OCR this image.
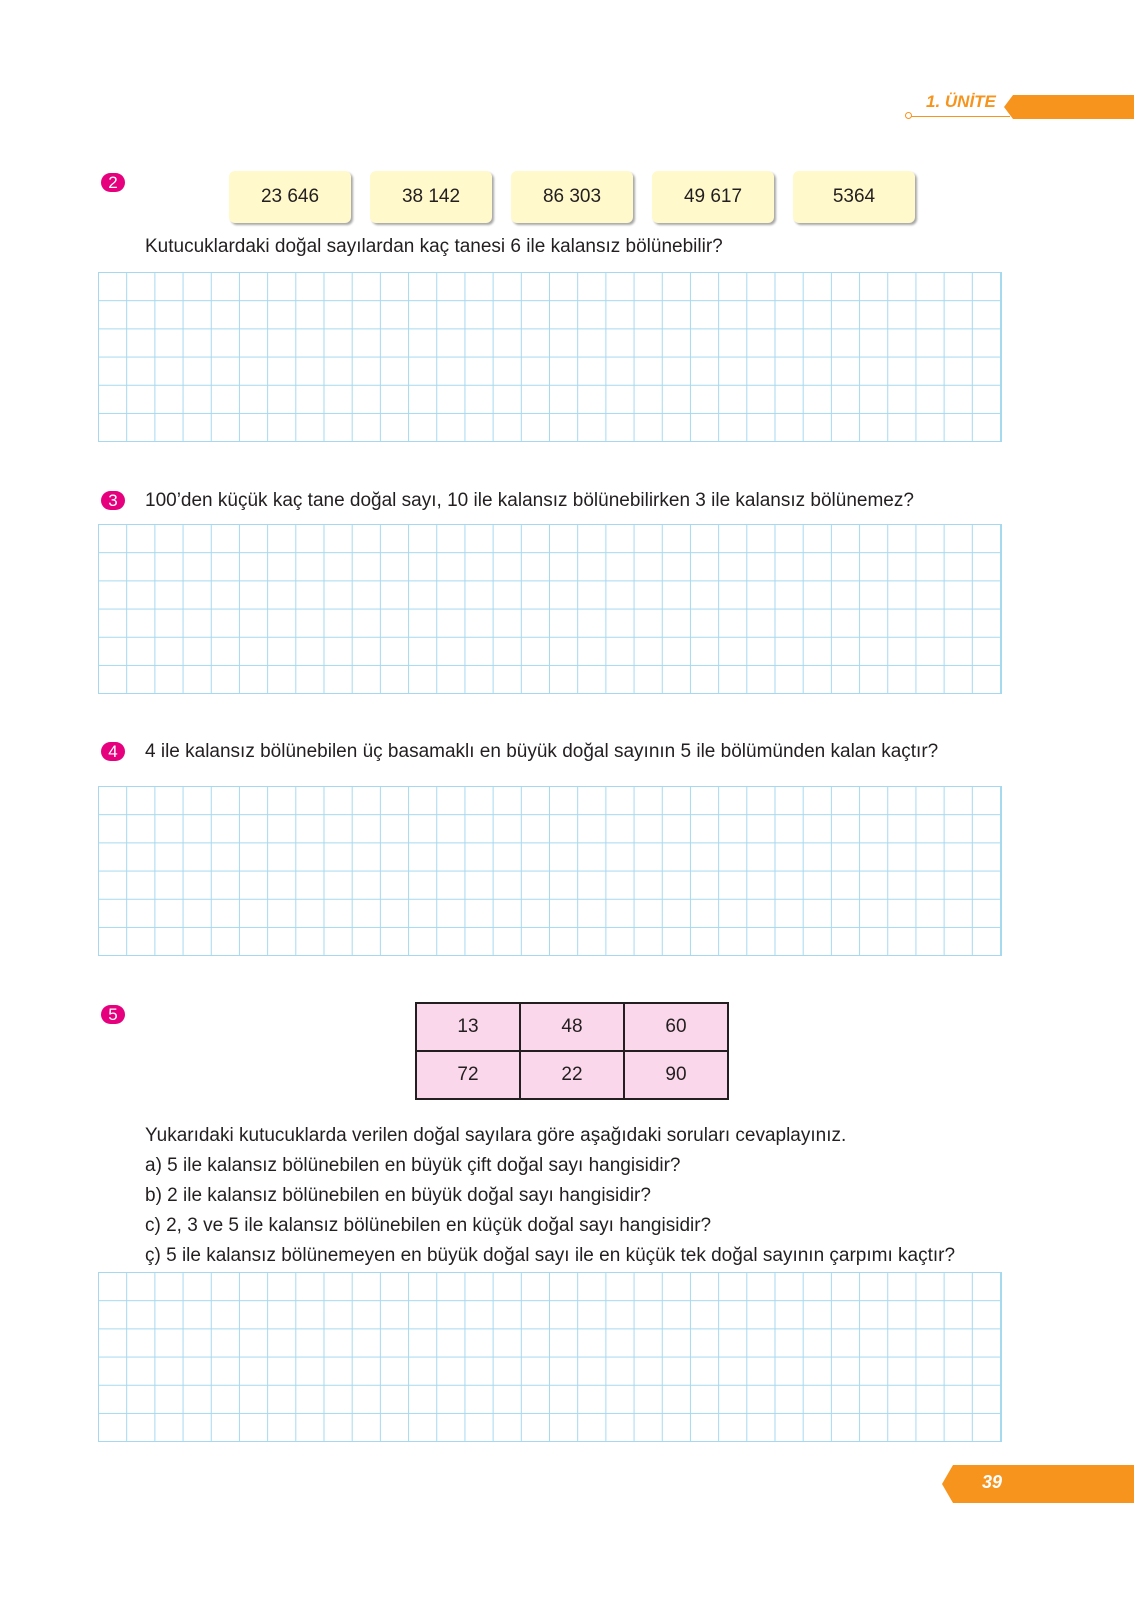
1. ÜNİTE
2
23 646	38 142	86 303	49 617	5364
Kutucuklardaki doğal sayılardan kaç tanesi 6 ile kalansız bölünebilir?
3	100’den küçük kaç tane doğal sayı, 10 ile kalansız bölünebilirken 3 ile kalansız bölünemez?
4	4 ile kalansız bölünebilen üç basamaklı en büyük doğal sayının 5 ile bölümünden kalan kaçtır?
5
13	48	60
72	22	90
Yukarıdaki kutucuklarda verilen doğal sayılara göre aşağıdaki soruları cevaplayınız.
a) 5 ile kalansız bölünebilen en büyük çift doğal sayı hangisidir?
b) 2 ile kalansız bölünebilen en büyük doğal sayı hangisidir?
c) 2, 3 ve 5 ile kalansız bölünebilen en küçük doğal sayı hangisidir?
ç) 5 ile kalansız bölünemeyen en büyük doğal sayı ile en küçük tek doğal sayının çarpımı kaçtır?
39
